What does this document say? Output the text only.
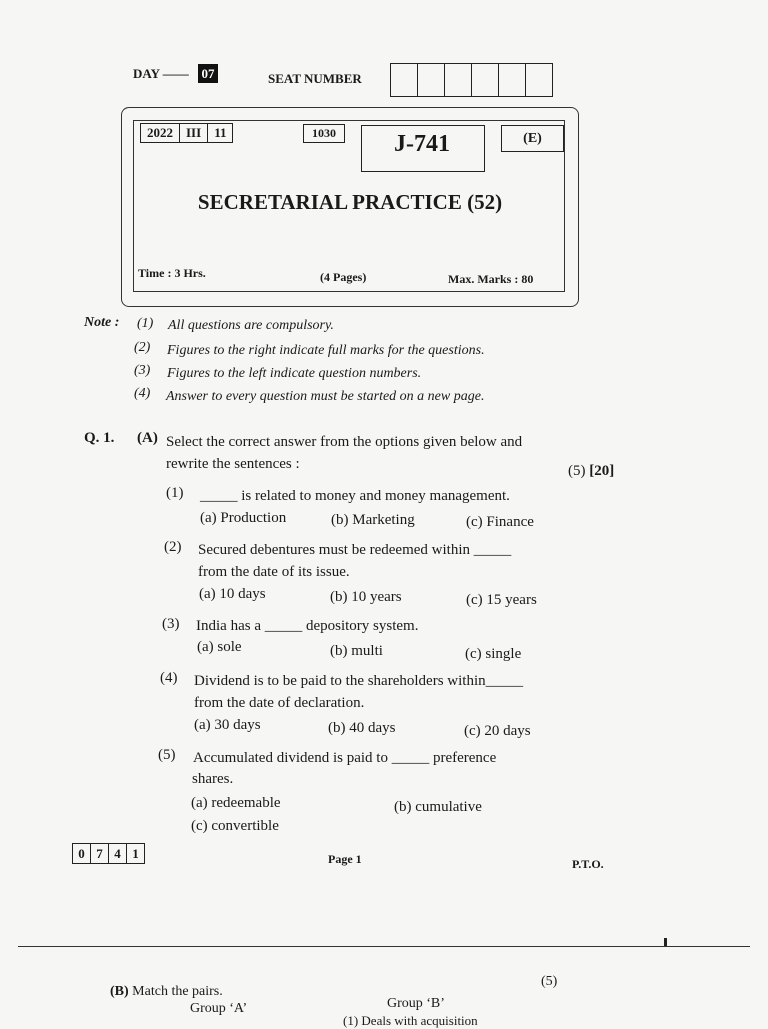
DAY —— 07	SEAT NUMBER
2022	III	11	1030	J-741	(E)
SECRETARIAL PRACTICE (52)
Time : 3 Hrs.	(4 Pages)	Max. Marks : 80
Note : (1) All questions are compulsory.
(2) Figures to the right indicate full marks for the questions.
(3) Figures to the left indicate question numbers.
(4) Answer to every question must be started on a new page.
Q. 1. (A) Select the correct answer from the options given below and
rewrite the sentences :	(5) [20]
(1) _____ is related to money and money management.
(a) Production	(b) Marketing	(c) Finance
(2) Secured debentures must be redeemed within _____
from the date of its issue.
(a) 10 days	(b) 10 years	(c) 15 years
(3) India has a _____ depository system.
(a) sole	(b) multi	(c) single
(4) Dividend is to be paid to the shareholders within_____
from the date of declaration.
(a) 30 days	(b) 40 days	(c) 20 days
(5) Accumulated dividend is paid to _____ preference
shares.
(a) redeemable	(b) cumulative
(c) convertible
0 7 4 1	Page 1	P.T.O.
(B) Match the pairs.
(5)
Group ‘A’	Group ‘B’
(1) Deals with acquisition
